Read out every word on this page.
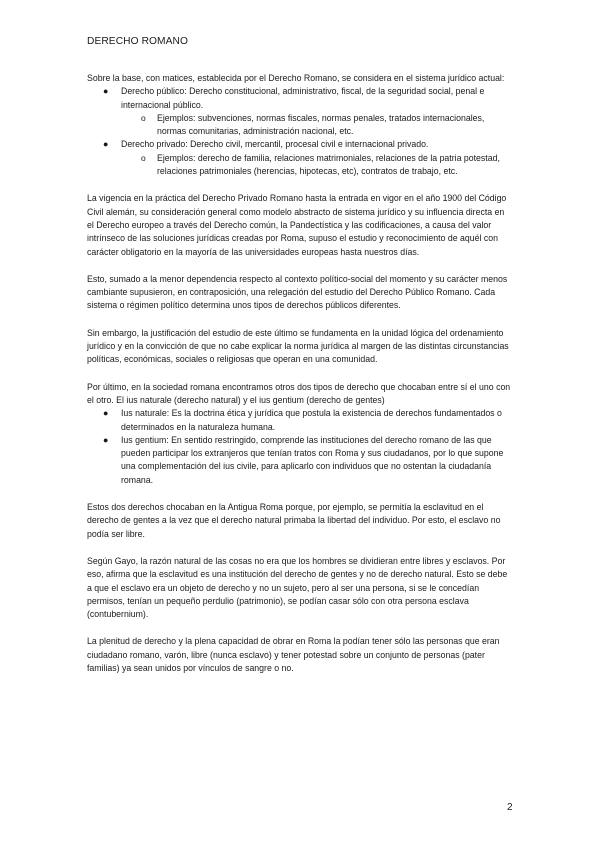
DERECHO ROMANO

Sobre la base, con matices, establecida por el Derecho Romano, se considera en el sistema jurídico actual:

● Derecho público: Derecho constitucional, administrativo, fiscal, de la seguridad social, penal e internacional público.
o Ejemplos: subvenciones, normas fiscales, normas penales, tratados internacionales, normas comunitarias, administración nacional, etc.
● Derecho privado: Derecho civil, mercantil, procesal civil e internacional privado.
o Ejemplos: derecho de familia, relaciones matrimoniales, relaciones de la patria potestad, relaciones patrimoniales (herencias, hipotecas, etc), contratos de trabajo, etc.

La vigencia en la práctica del Derecho Privado Romano hasta la entrada en vigor en el año 1900 del Código Civil alemán, su consideración general como modelo abstracto de sistema jurídico y su influencia directa en el Derecho europeo a través del Derecho común, la Pandectística y las codificaciones, a causa del valor intrínseco de las soluciones jurídicas creadas por Roma, supuso el estudio y reconocimiento de aquél con carácter obligatorio en la mayoría de las universidades europeas hasta nuestros días.

Esto, sumado a la menor dependencia respecto al contexto político-social del momento y su carácter menos cambiante supusieron, en contraposición, una relegación del estudio del Derecho Público Romano. Cada sistema o régimen político determina unos tipos de derechos públicos diferentes.

Sin embargo, la justificación del estudio de este último se fundamenta en la unidad lógica del ordenamiento jurídico y en la convicción de que no cabe explicar la norma jurídica al margen de las distintas circunstancias políticas, económicas, sociales o religiosas que operan en una comunidad.

Por último, en la sociedad romana encontramos otros dos tipos de derecho que chocaban entre sí el uno con el otro. El ius naturale (derecho natural) y el ius gentium (derecho de gentes)

● Ius naturale: Es la doctrina ética y jurídica que postula la existencia de derechos fundamentados o determinados en la naturaleza humana.
● Ius gentium: En sentido restringido, comprende las instituciones del derecho romano de las que pueden participar los extranjeros que tenían tratos con Roma y sus ciudadanos, por lo que supone una complementación del ius civile, para aplicarlo con individuos que no ostentan la ciudadanía romana.

Estos dos derechos chocaban en la Antigua Roma porque, por ejemplo, se permitía la esclavitud en el derecho de gentes a la vez que el derecho natural primaba la libertad del individuo. Por esto, el esclavo no podía ser libre.

Según Gayo, la razón natural de las cosas no era que los hombres se dividieran entre libres y esclavos. Por eso, afirma que la esclavitud es una institución del derecho de gentes y no de derecho natural. Esto se debe a que el esclavo era un objeto de derecho y no un sujeto, pero al ser una persona, si se le concedían permisos, tenían un pequeño perdulio (patrimonio), se podían casar sólo con otra persona esclava (contubernium).

La plenitud de derecho y la plena capacidad de obrar en Roma la podían tener sólo las personas que eran ciudadano romano, varón, libre (nunca esclavo) y tener potestad sobre un conjunto de personas (pater familias) ya sean unidos por vínculos de sangre o no.

2
